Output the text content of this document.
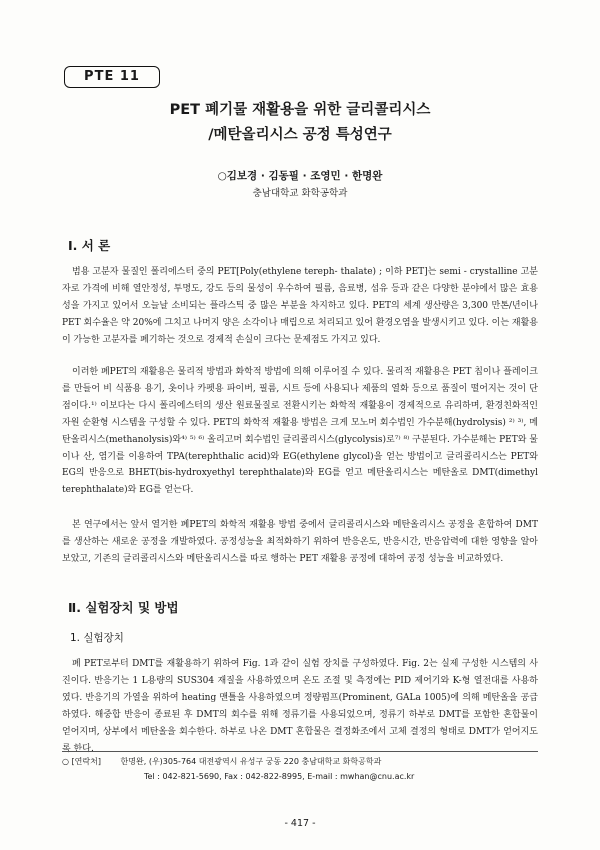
PTE 11
PET 폐기물 재활용을 위한 글리콜리시스
/메탄올리시스 공정 특성연구
○김보경 · 김동필 · 조영민 · 한명완
충남대학교 화학공학과
Ⅰ. 서 론

범용 고분자 물질인 폴리에스터 중의 PET[Poly(ethylene tereph- thalate) ; 이하 PET]는 semi - crystalline 고분자로 가격에 비해 열안정성, 투명도, 강도 등의 물성이 우수하여 필름, 음료병, 섬유 등과 같은 다양한 분야에서 많은 효용성을 가지고 있어서 오늘날 소비되는 플라스틱 중 많은 부분을 차지하고 있다. PET의 세계 생산량은 3,300 만톤/년이나 PET 회수율은 약 20%에 그치고 나머지 양은 소각이나 매립으로 처리되고 있어 환경오염을 발생시키고 있다. 이는 재활용이 가능한 고분자를 폐기하는 것으로 경제적 손실이 크다는 문제점도 가지고 있다.

이러한 폐PET의 재활용은 물리적 방법과 화학적 방법에 의해 이루어질 수 있다. 물리적 재활용은 PET 칩이나 플레이크를 만들어 비 식품용 용기, 옷이나 카펫용 파이버, 필름, 시트 등에 사용되나 제품의 열화 등으로 품질이 떨어지는 것이 단점이다.¹⁾ 이보다는 다시 폴리에스터의 생산 원료물질로 전환시키는 화학적 재활용이 경제적으로 유리하며, 환경친화적인 자원 순환형 시스템을 구성할 수 있다. PET의 화학적 재활용 방법은 크게 모노머 회수법인 가수분해(hydrolysis) ²⁾ ³⁾, 메탄올리시스(methanolysis)와⁴⁾ ⁵⁾ ⁶⁾ 올리고머 회수법인 글리콜리시스(glycolysis)로⁷⁾ ⁸⁾ 구분된다. 가수분해는 PET와 물이나 산, 염기를 이용하여 TPA(terephthalic acid)와 EG(ethylene glycol)을 얻는 방법이고 글리콜리시스는 PET와 EG의 반응으로 BHET(bis-hydroxyethyl terephthalate)와 EG를 얻고 메탄올리시스는 메탄올로 DMT(dimethyl terephthalate)와 EG를 얻는다.

본 연구에서는 앞서 열거한 폐PET의 화학적 재활용 방법 중에서 글리콜리시스와 메탄올리시스 공정을 혼합하여 DMT를 생산하는 새로운 공정을 개발하였다. 공정성능을 최적화하기 위하여 반응온도, 반응시간, 반응압력에 대한 영향을 알아보았고, 기존의 글리콜리시스와 메탄올리시스를 따로 행하는 PET 재활용 공정에 대하여 공정 성능을 비교하였다.

Ⅱ. 실험장치 및 방법
1. 실험장치

폐 PET로부터 DMT를 재활용하기 위하여 Fig. 1과 같이 실험 장치를 구성하였다. Fig. 2는 실제 구성한 시스템의 사진이다. 반응기는 1 L용량의 SUS304 재질을 사용하였으며 온도 조절 및 측정에는 PID 제어기와 K-형 열전대를 사용하였다. 반응기의 가열을 위하여 heating 맨틀을 사용하였으며 정량펌프(Prominent, GALa 1005)에 의해 메탄올을 공급하였다. 해중합 반응이 종료된 후 DMT의 회수를 위해 정류기를 사용되었으며, 정류기 하부로 DMT를 포함한 혼합물이 얻어지며, 상부에서 메탄올을 회수한다. 하부로 나온 DMT 혼합물은 결정화조에서 고체 결정의 형태로 DMT가 얻어지도록 한다.

○ [연락처] 한명완, (우)305-764 대전광역시 유성구 궁동 220 충남대학교 화학공학과
Tel : 042-821-5690, Fax : 042-822-8995, E-mail : mwhan@cnu.ac.kr
- 417 -
